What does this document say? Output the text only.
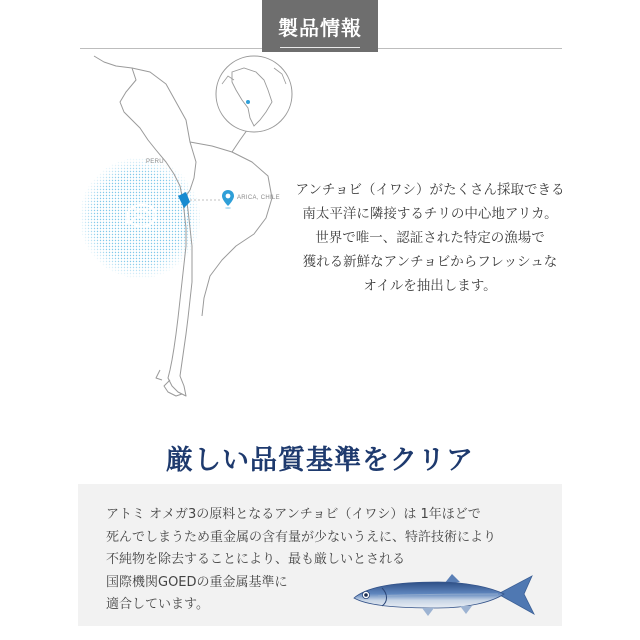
製品情報
PERU
ARICA, CHILE	アンチョビ（イワシ）がたくさん採取できる
南太平洋に隣接するチリの中心地アリカ。
世界で唯一、認証された特定の漁場で
獲れる新鮮なアンチョビからフレッシュな
オイルを抽出します。
厳しい品質基準をクリア
アトミ オメガ3の原料となるアンチョビ（イワシ）は 1年ほどで
死んでしまうため重金属の含有量が少ないうえに、特許技術により
不純物を除去することにより、最も厳しいとされる
国際機関GOEDの重金属基準に
適合しています。
